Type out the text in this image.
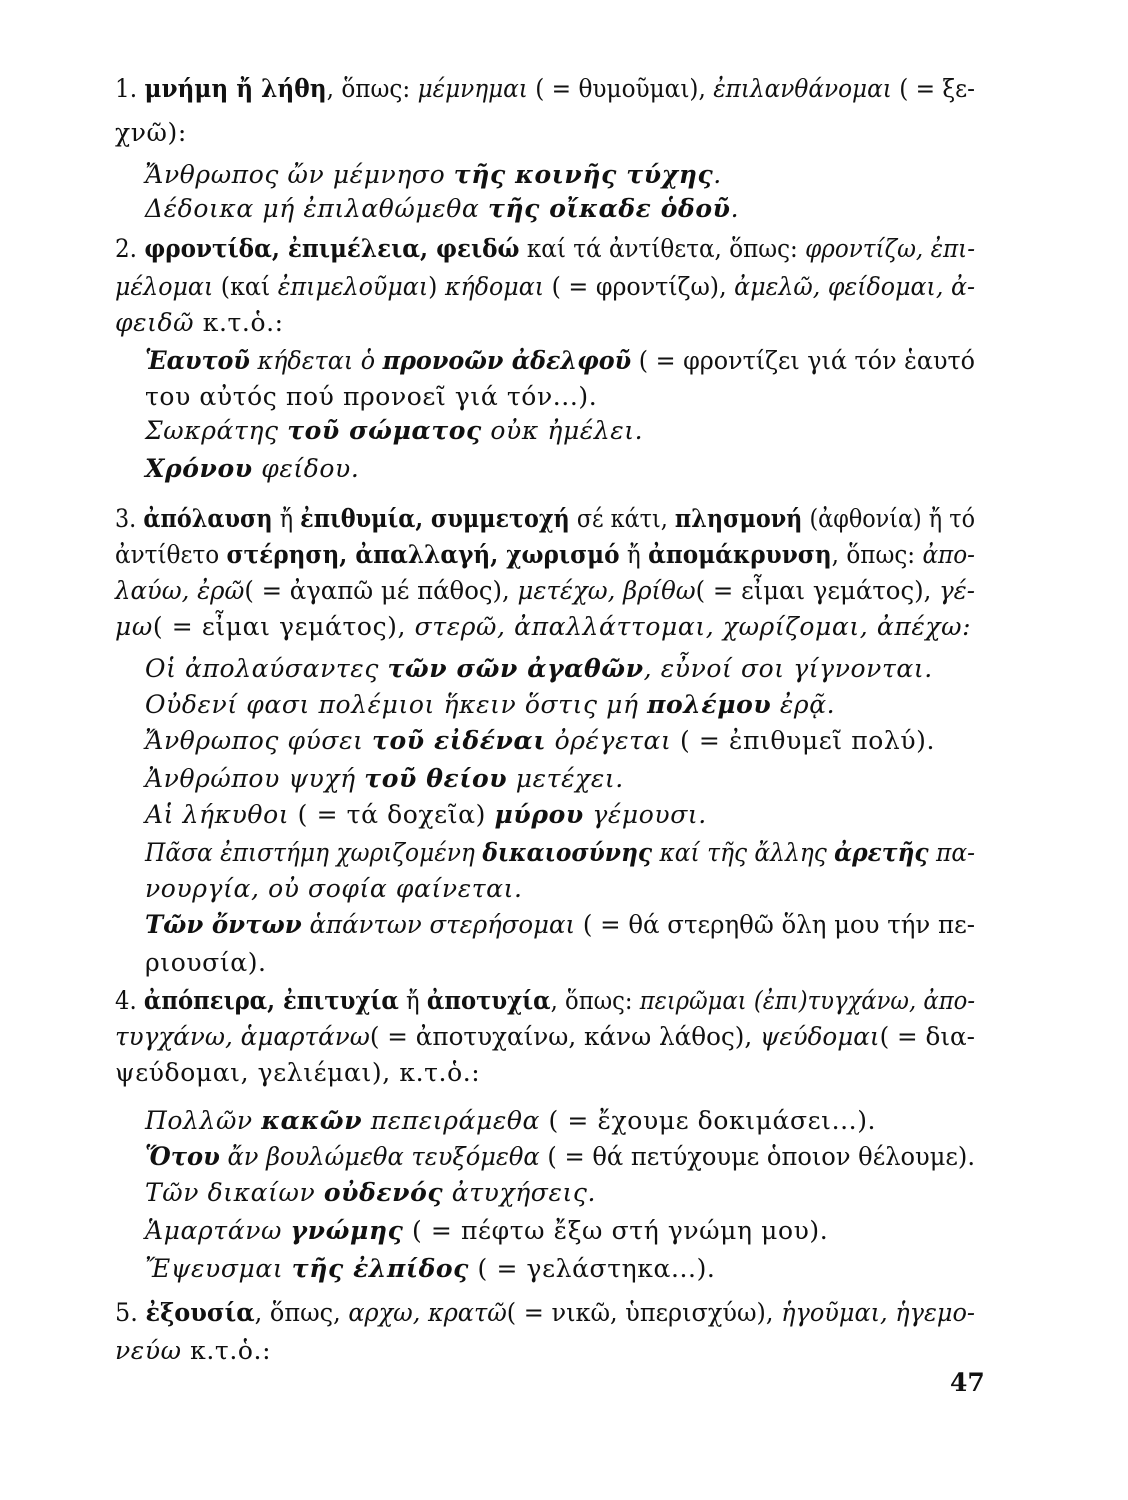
1. μνήμη ἤ λήθη, ὅπως: μέμνημαι ( = θυμοῦμαι), ἐπιλανθάνομαι ( = ξε-
χνῶ):
Ἄνθρωπος ὤν μέμνησο τῆς κοινῆς τύχης.
Δέδοικα μή ἐπιλαθώμεθα τῆς οἴκαδε ὁδοῦ.
2. φροντίδα, ἐπιμέλεια, φειδώ καί τά ἀντίθετα, ὅπως: φροντίζω, ἐπι-
μέλομαι (καί ἐπιμελοῦμαι) κήδομαι ( = φροντίζω), ἀμελῶ, φείδομαι, ἀ-
φειδῶ κ.τ.ὁ.:
Ἑαυτοῦ κήδεται ὁ προνοῶν ἀδελφοῦ ( = φροντίζει γιά τόν ἑαυτό
του αὐτός πού προνοεῖ γιά τόν...).
Σωκράτης τοῦ σώματος οὐκ ἠμέλει.
Χρόνου φείδου.
3. ἀπόλαυση ἤ ἐπιθυμία, συμμετοχή σέ κάτι, πλησμονή (ἀφθονία) ἤ τό
ἀντίθετο στέρηση, ἀπαλλαγή, χωρισμό ἤ ἀπομάκρυνση, ὅπως: ἀπο-
λαύω, ἐρῶ( = ἀγαπῶ μέ πάθος), μετέχω, βρίθω( = εἶμαι γεμάτος), γέ-
μω( = εἶμαι γεμάτος), στερῶ, ἀπαλλάττομαι, χωρίζομαι, ἀπέχω:
Οἱ ἀπολαύσαντες τῶν σῶν ἀγαθῶν, εὖνοί σοι γίγνονται.
Οὐδενί φασι πολέμιοι ἥκειν ὅστις μή πολέμου ἐρᾷ.
Ἄνθρωπος φύσει τοῦ εἰδέναι ὀρέγεται ( = ἐπιθυμεῖ πολύ).
Ἀνθρώπου ψυχή τοῦ θείου μετέχει.
Αἱ λήκυθοι ( = τά δοχεῖα) μύρου γέμουσι.
Πᾶσα ἐπιστήμη χωριζομένη δικαιοσύνης καί τῆς ἄλλης ἀρετῆς πα-
νουργία, οὐ σοφία φαίνεται.
Τῶν ὄντων ἁπάντων στερήσομαι ( = θά στερηθῶ ὅλη μου τήν πε-
ριουσία).
4. ἀπόπειρα, ἐπιτυχία ἤ ἀποτυχία, ὅπως: πειρῶμαι (ἐπι)τυγχάνω, ἀπο-
τυγχάνω, ἁμαρτάνω( = ἀποτυχαίνω, κάνω λάθος), ψεύδομαι( = δια-
ψεύδομαι, γελιέμαι), κ.τ.ὁ.:
Πολλῶν κακῶν πεπειράμεθα ( = ἔχουμε δοκιμάσει...).
Ὅτου ἄν βουλώμεθα τευξόμεθα ( = θά πετύχουμε ὁποιον θέλουμε).
Τῶν δικαίων οὐδενός ἀτυχήσεις.
Ἁμαρτάνω γνώμης ( = πέφτω ἔξω στή γνώμη μου).
Ἔψευσμαι τῆς ἐλπίδος ( = γελάστηκα...).
5. ἐξουσία, ὅπως, αρχω, κρατῶ( = νικῶ, ὑπερισχύω), ἡγοῦμαι, ἡγεμο-
νεύω κ.τ.ὁ.:
47
